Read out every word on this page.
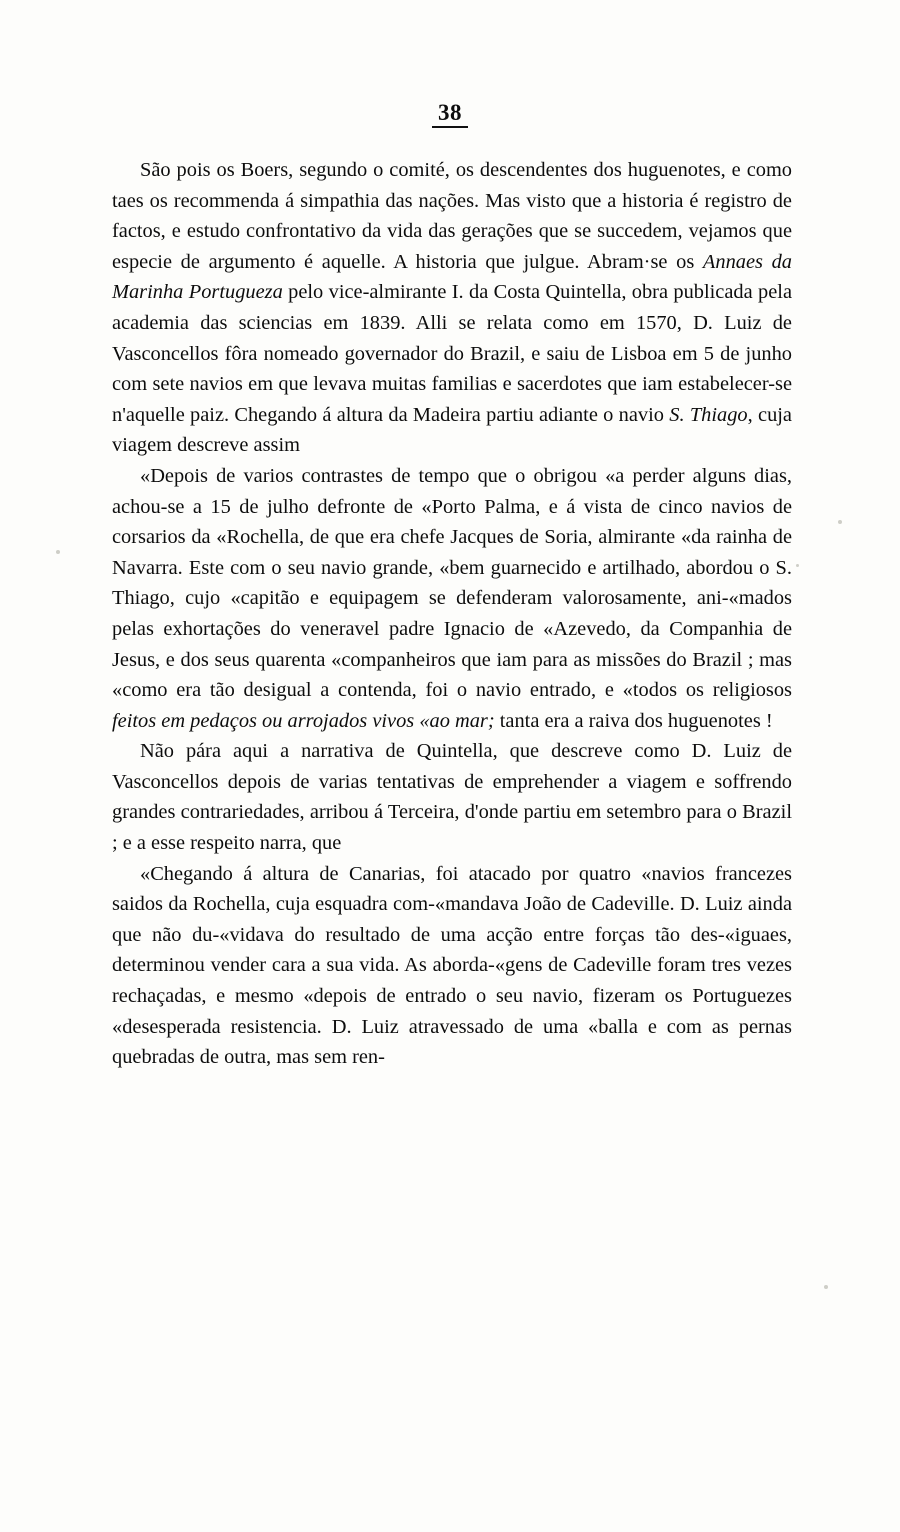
38

São pois os Boers, segundo o comité, os descendentes dos huguenotes, e como taes os recommenda á simpathia das nações. Mas visto que a historia é registro de factos, e estudo confrontativo da vida das gerações que se succedem, vejamos que especie de argumento é aquelle. A historia que julgue. Abram·se os Annaes da Marinha Portugueza pelo vice-almirante I. da Costa Quintella, obra publicada pela academia das sciencias em 1839. Alli se relata como em 1570, D. Luiz de Vasconcellos fôra nomeado governador do Brazil, e saiu de Lisboa em 5 de junho com sete navios em que levava muitas familias e sacerdotes que iam estabelecer-se n'aquelle paiz. Chegando á altura da Madeira partiu adiante o navio S. Thiago, cuja viagem descreve assim

«Depois de varios contrastes de tempo que o obrigou «a perder alguns dias, achou-se a 15 de julho defronte de «Porto Palma, e á vista de cinco navios de corsarios da «Rochella, de que era chefe Jacques de Soria, almirante «da rainha de Navarra. Este com o seu navio grande, «bem guarnecido e artilhado, abordou o S. Thiago, cujo «capitão e equipagem se defenderam valorosamente, ani-«mados pelas exhortações do veneravel padre Ignacio de «Azevedo, da Companhia de Jesus, e dos seus quarenta «companheiros que iam para as missões do Brazil ; mas «como era tão desigual a contenda, foi o navio entrado, e «todos os religiosos feitos em pedaços ou arrojados vivos «ao mar; tanta era a raiva dos huguenotes !

Não pára aqui a narrativa de Quintella, que descreve como D. Luiz de Vasconcellos depois de varias tentativas de emprehender a viagem e soffrendo grandes contrariedades, arribou á Terceira, d'onde partiu em setembro para o Brazil ; e a esse respeito narra, que

«Chegando á altura de Canarias, foi atacado por quatro «navios francezes saidos da Rochella, cuja esquadra com-«mandava João de Cadeville. D. Luiz ainda que não du-«vidava do resultado de uma acção entre forças tão des-«iguaes, determinou vender cara a sua vida. As aborda-«gens de Cadeville foram tres vezes rechaçadas, e mesmo «depois de entrado o seu navio, fizeram os Portuguezes «desesperada resistencia. D. Luiz atravessado de uma «balla e com as pernas quebradas de outra, mas sem ren-
